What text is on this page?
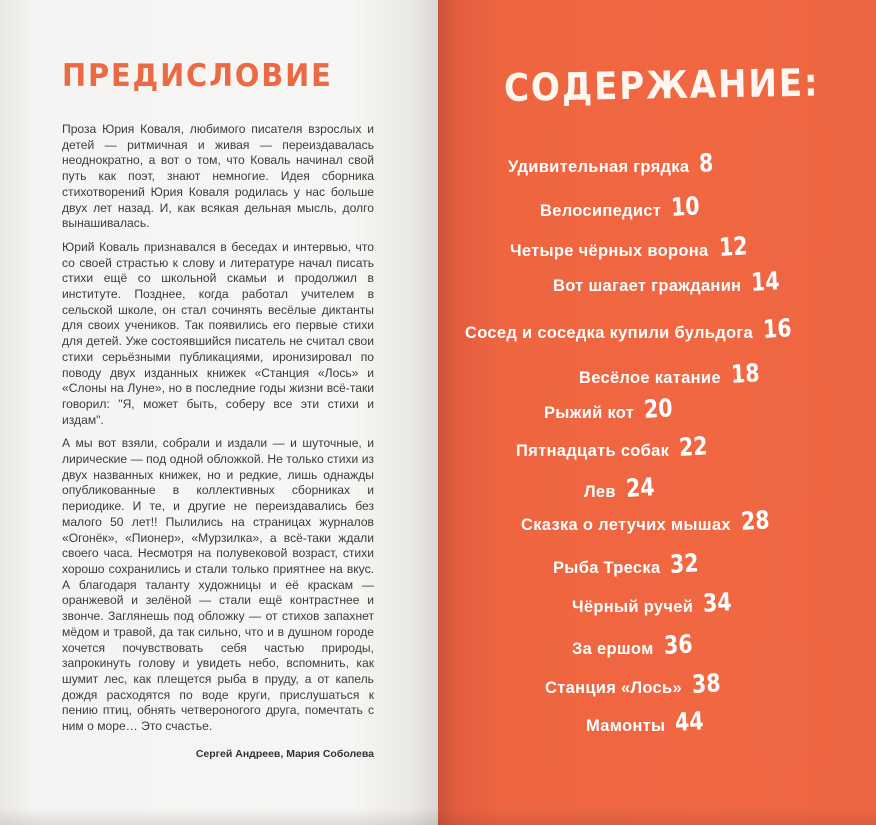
ПРЕДИСЛОВИЕ

Проза Юрия Коваля, любимого писателя взрослых и детей — ритмичная и живая — переиздавалась неоднократно, а вот о том, что Коваль начинал свой путь как поэт, знают немногие. Идея сборника стихотворений Юрия Коваля родилась у нас больше двух лет назад. И, как всякая дельная мысль, долго вынашивалась.

Юрий Коваль признавался в беседах и интервью, что со своей страстью к слову и литературе начал писать стихи ещё со школьной скамьи и продолжил в институте. Позднее, когда работал учителем в сельской школе, он стал сочинять весёлые диктанты для своих учеников. Так появились его первые стихи для детей. Уже состоявшийся писатель не считал свои стихи серьёзными публикациями, иронизировал по поводу двух изданных книжек «Станция «Лось» и «Слоны на Луне», но в последние годы жизни всё-таки говорил: "Я, может быть, соберу все эти стихи и издам".

А мы вот взяли, собрали и издали — и шуточные, и лирические — под одной обложкой. Не только стихи из двух названных книжек, но и редкие, лишь однажды опубликованные в коллективных сборниках и периодике. И те, и другие не переиздавались без малого 50 лет!! Пылились на страницах журналов «Огонёк», «Пионер», «Мурзилка», а всё-таки ждали своего часа. Несмотря на полувековой возраст, стихи хорошо сохранились и стали только приятнее на вкус. А благодаря таланту художницы и её краскам — оранжевой и зелёной — стали ещё контрастнее и звонче. Заглянешь под обложку — от стихов запахнет мёдом и травой, да так сильно, что и в душном городе хочется почувствовать себя частью природы, запрокинуть голову и увидеть небо, вспомнить, как шумит лес, как плещется рыба в пруду, а от капель дождя расходятся по воде круги, прислушаться к пению птиц, обнять четвероногого друга, помечтать с ним о море… Это счастье.

Сергей Андреев, Мария Соболева
СОДЕРЖАНИЕ:
Удивительная грядка 8
Велосипедист 10
Четыре чёрных ворона 12
Вот шагает гражданин 14
Сосед и соседка купили бульдога 16
Весёлое катание 18
Рыжий кот 20
Пятнадцать собак 22
Лев 24
Сказка о летучих мышах 28
Рыба Треска 32
Чёрный ручей 34
За ершом 36
Станция «Лось» 38
Мамонты 44
